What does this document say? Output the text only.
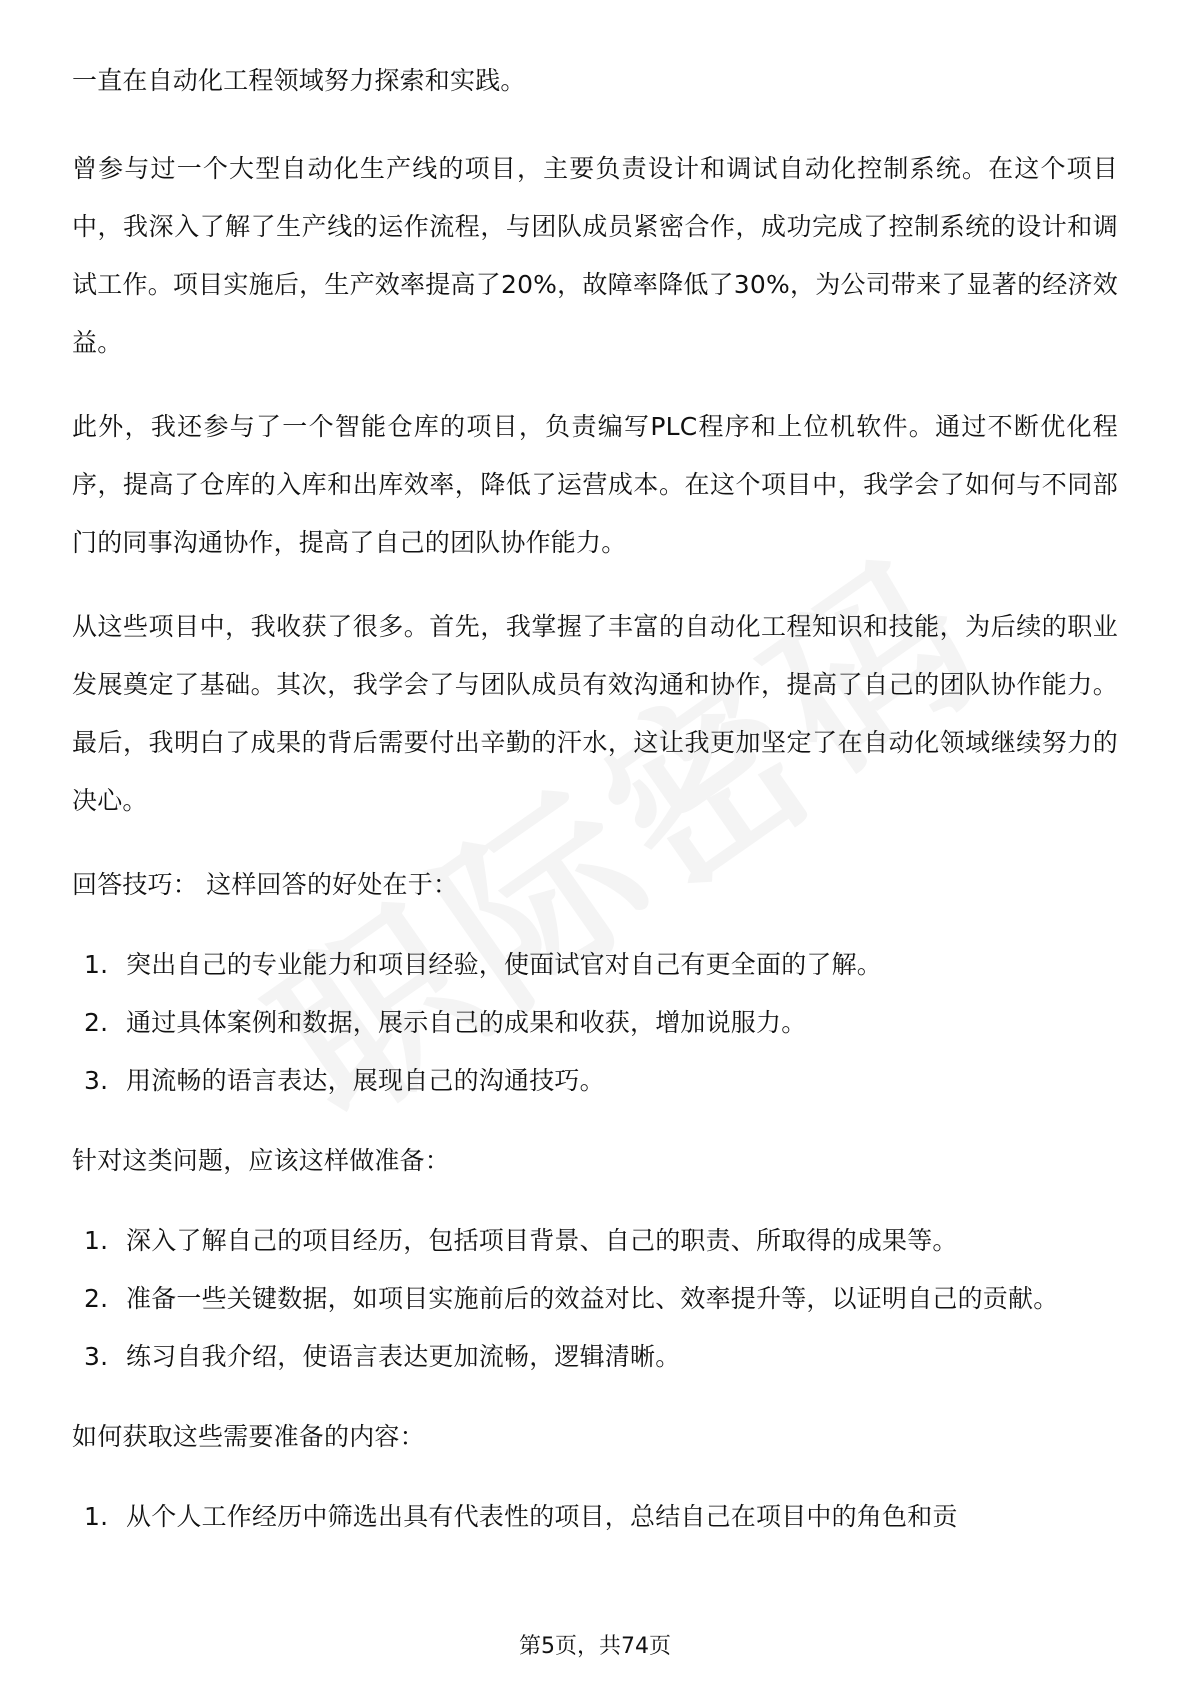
一直在自动化工程领域努力探索和实践。

曾参与过一个大型自动化生产线的项目，主要负责设计和调试自动化控制系统。在这个项目中，我深入了解了生产线的运作流程，与团队成员紧密合作，成功完成了控制系统的设计和调试工作。项目实施后，生产效率提高了20%，故障率降低了30%，为公司带来了显著的经济效益。

此外，我还参与了一个智能仓库的项目，负责编写PLC程序和上位机软件。通过不断优化程序，提高了仓库的入库和出库效率，降低了运营成本。在这个项目中，我学会了如何与不同部门的同事沟通协作，提高了自己的团队协作能力。

从这些项目中，我收获了很多。首先，我掌握了丰富的自动化工程知识和技能，为后续的职业发展奠定了基础。其次，我学会了与团队成员有效沟通和协作，提高了自己的团队协作能力。最后，我明白了成果的背后需要付出辛勤的汗水，这让我更加坚定了在自动化领域继续努力的决心。

回答技巧： 这样回答的好处在于：
1. 突出自己的专业能力和项目经验，使面试官对自己有更全面的了解。
2. 通过具体案例和数据，展示自己的成果和收获，增加说服力。
3. 用流畅的语言表达，展现自己的沟通技巧。
针对这类问题，应该这样做准备：
1. 深入了解自己的项目经历，包括项目背景、自己的职责、所取得的成果等。
2. 准备一些关键数据，如项目实施前后的效益对比、效率提升等，以证明自己的贡献。
3. 练习自我介绍，使语言表达更加流畅，逻辑清晰。
如何获取这些需要准备的内容：
1. 从个人工作经历中筛选出具有代表性的项目，总结自己在项目中的角色和贡
第5页，共74页
